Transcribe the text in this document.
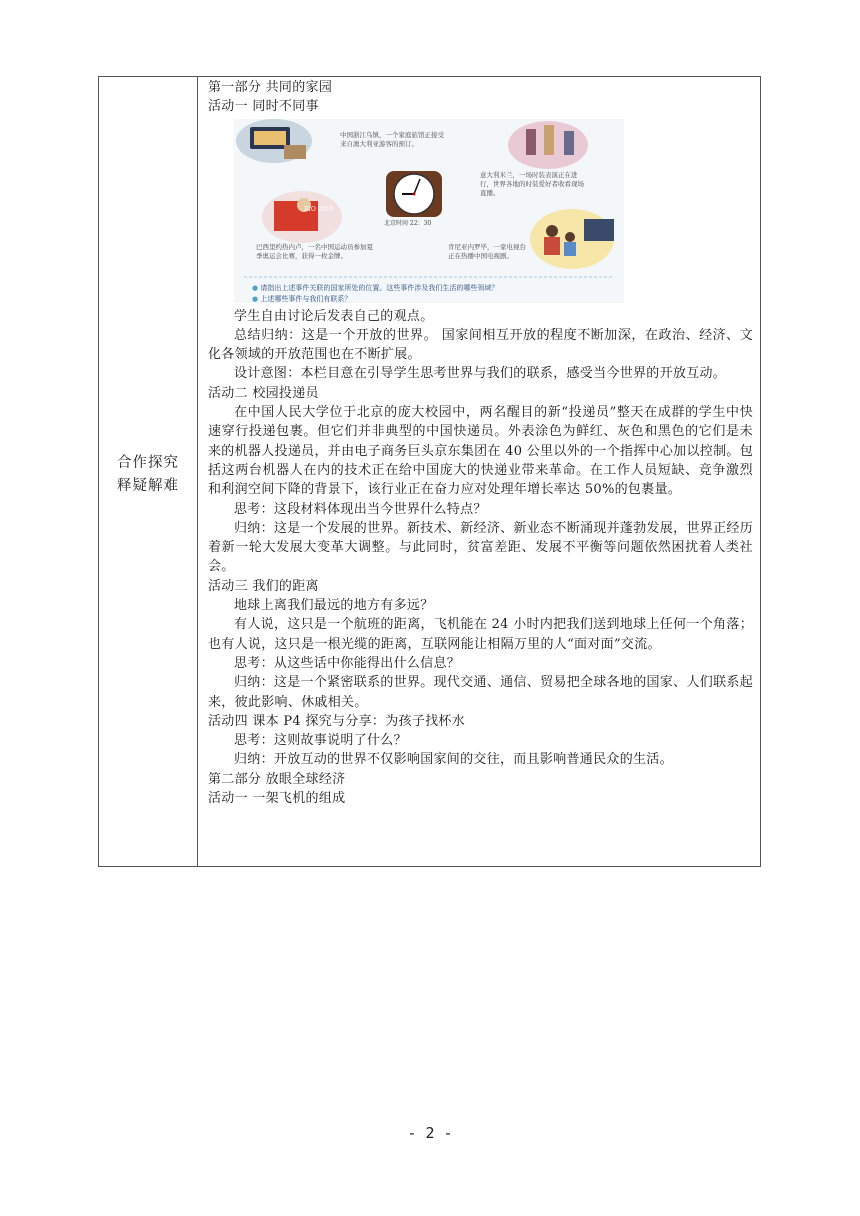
合作探究
释疑解难
第一部分 共同的家园
活动一 同时不同事
中国浙江乌镇，一个家庭旅馆正接受来自澳大利亚游客的预订。
意大利米兰，一场时装表演正在进行，世界各地的时装爱好者收看现场直播。
北京时间 22：30
RIO 2016
巴西里约热内卢，一名中国运动员参加夏季奥运会比赛，获得一枚金牌。
肯尼亚内罗毕，一家电视台正在热播中国电视剧。
● 请指出上述事件关联的国家所处的位置。这些事件涉及我们生活的哪些领域？
● 上述哪些事件与我们有联系？

学生自由讨论后发表自己的观点。

总结归纳：这是一个开放的世界。 国家间相互开放的程度不断加深，在政治、经济、文化各领域的开放范围也在不断扩展。

设计意图：本栏目意在引导学生思考世界与我们的联系，感受当今世界的开放互动。

活动二 校园投递员

在中国人民大学位于北京的庞大校园中，两名醒目的新“投递员”整天在成群的学生中快速穿行投递包裹。但它们并非典型的中国快递员。外表涂色为鲜红、灰色和黑色的它们是未来的机器人投递员，并由电子商务巨头京东集团在 40 公里以外的一个指挥中心加以控制。包括这两台机器人在内的技术正在给中国庞大的快递业带来革命。在工作人员短缺、竞争激烈和利润空间下降的背景下，该行业正在奋力应对处理年增长率达 50%的包裹量。

思考：这段材料体现出当今世界什么特点？

归纳：这是一个发展的世界。新技术、新经济、新业态不断涌现并蓬勃发展，世界正经历着新一轮大发展大变革大调整。与此同时，贫富差距、发展不平衡等问题依然困扰着人类社会。

活动三 我们的距离

地球上离我们最远的地方有多远？

有人说，这只是一个航班的距离，飞机能在 24 小时内把我们送到地球上任何一个角落；也有人说，这只是一根光缆的距离，互联网能让相隔万里的人“面对面”交流。

思考：从这些话中你能得出什么信息？

归纳：这是一个紧密联系的世界。现代交通、通信、贸易把全球各地的国家、人们联系起来，彼此影响、休戚相关。

活动四 课本 P4 探究与分享：为孩子找杯水

思考：这则故事说明了什么？

归纳：开放互动的世界不仅影响国家间的交往，而且影响普通民众的生活。

第二部分 放眼全球经济
活动一 一架飞机的组成
- 2 -
